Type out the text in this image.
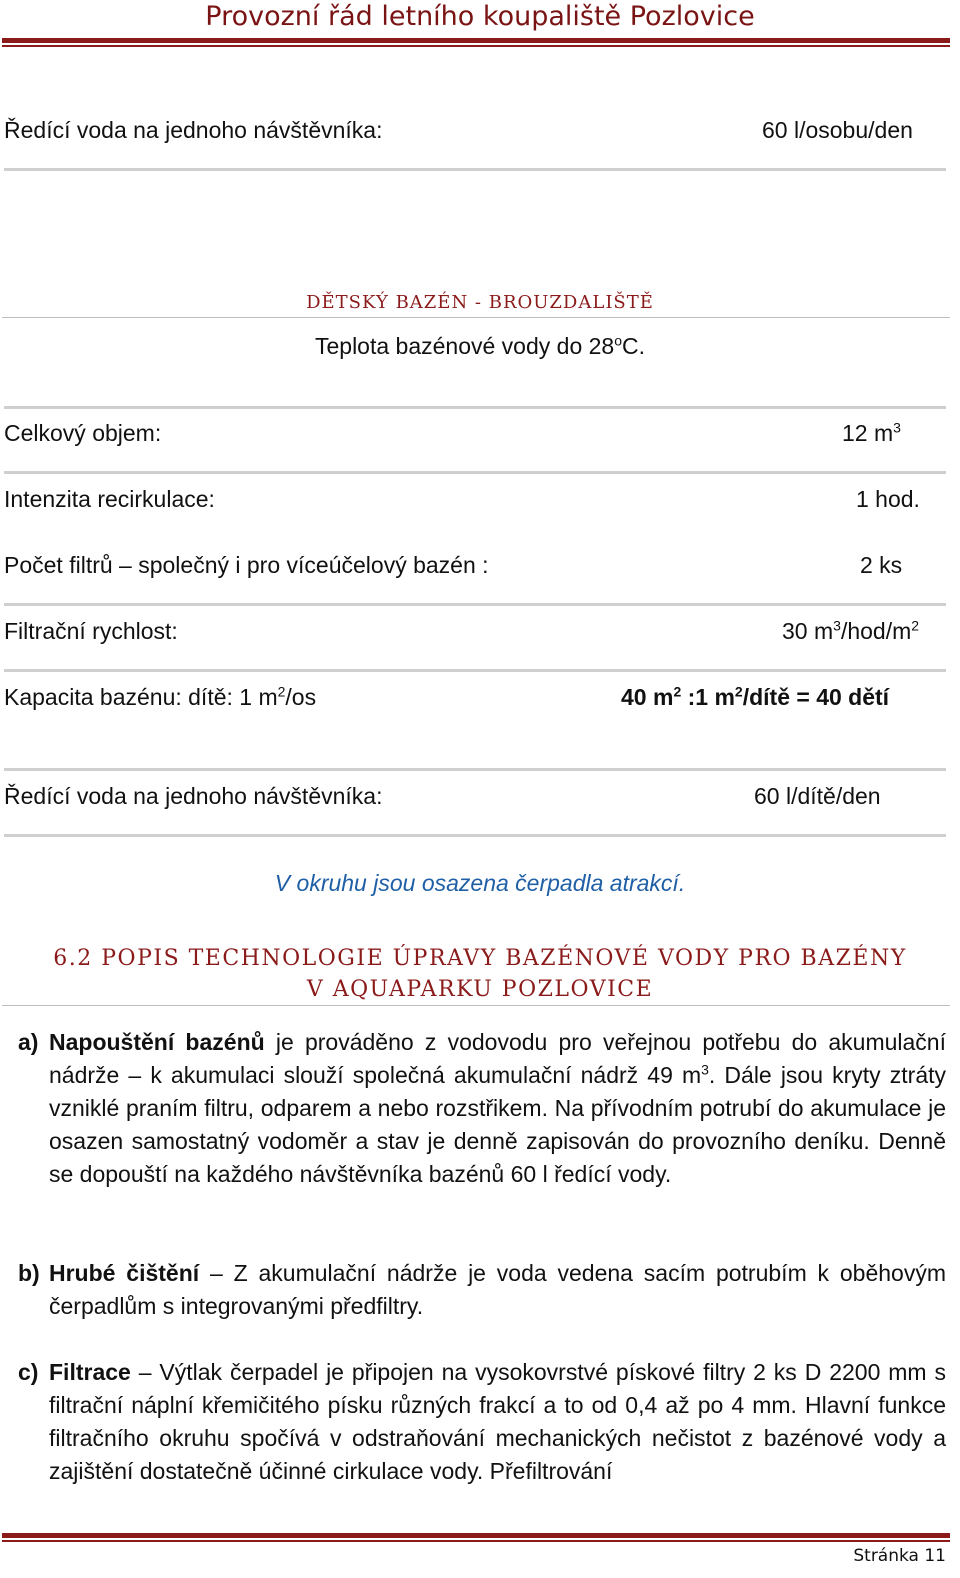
Provozní řád letního koupaliště Pozlovice
Ředící voda na jednoho návštěvníka:	60 l/osobu/den
DĚTSKÝ BAZÉN - BROUZDALIŠTĚ
Teplota bazénové vody do 28$^o$C.
Celkový objem:	12 $m^3$
Intenzita recirkulace:	1 hod.
Počet filtrů – společný i pro víceúčelový bazén :	2 ks
Filtrační rychlost:	30 $m^3/hod/m^2$
Kapacita bazénu: dítě: 1 $m^2/os$	40 $m^2$ :1 $m^2$/dítě = 40 dětí
Ředící voda na jednoho návštěvníka:	60 l/dítě/den
V okruhu jsou osazena čerpadla atrakcí.
6.2 POPIS TECHNOLOGIE ÚPRAVY BAZÉNOVÉ VODY PRO BAZÉNY
V AQUAPARKU POZLOVICE
a) Napouštění bazénů je prováděno z vodovodu pro veřejnou potřebu do akumulační nádrže – k akumulaci slouží společná akumulační nádrž 49 $m^3$. Dále jsou kryty ztráty vzniklé praním filtru, odparem a nebo rozstřikem. Na přívodním potrubí do akumulace je osazen samostatný vodoměr a stav je denně zapisován do provozního deníku. Denně se dopouští na každého návštěvníka bazénů 60 l ředící vody.
b) Hrubé čištění – Z akumulační nádrže je voda vedena sacím potrubím k oběhovým čerpadlům s integrovanými předfiltry.
c) Filtrace – Výtlak čerpadel je připojen na vysokovrstvé pískové filtry 2 ks D 2200 mm s filtrační náplní křemičitého písku různých frakcí a to od 0,4 až po 4 mm. Hlavní funkce filtračního okruhu spočívá v odstraňování mechanických nečistot z bazénové vody a zajištění dostatečně účinné cirkulace vody. Přefiltrování
Stránka 11
